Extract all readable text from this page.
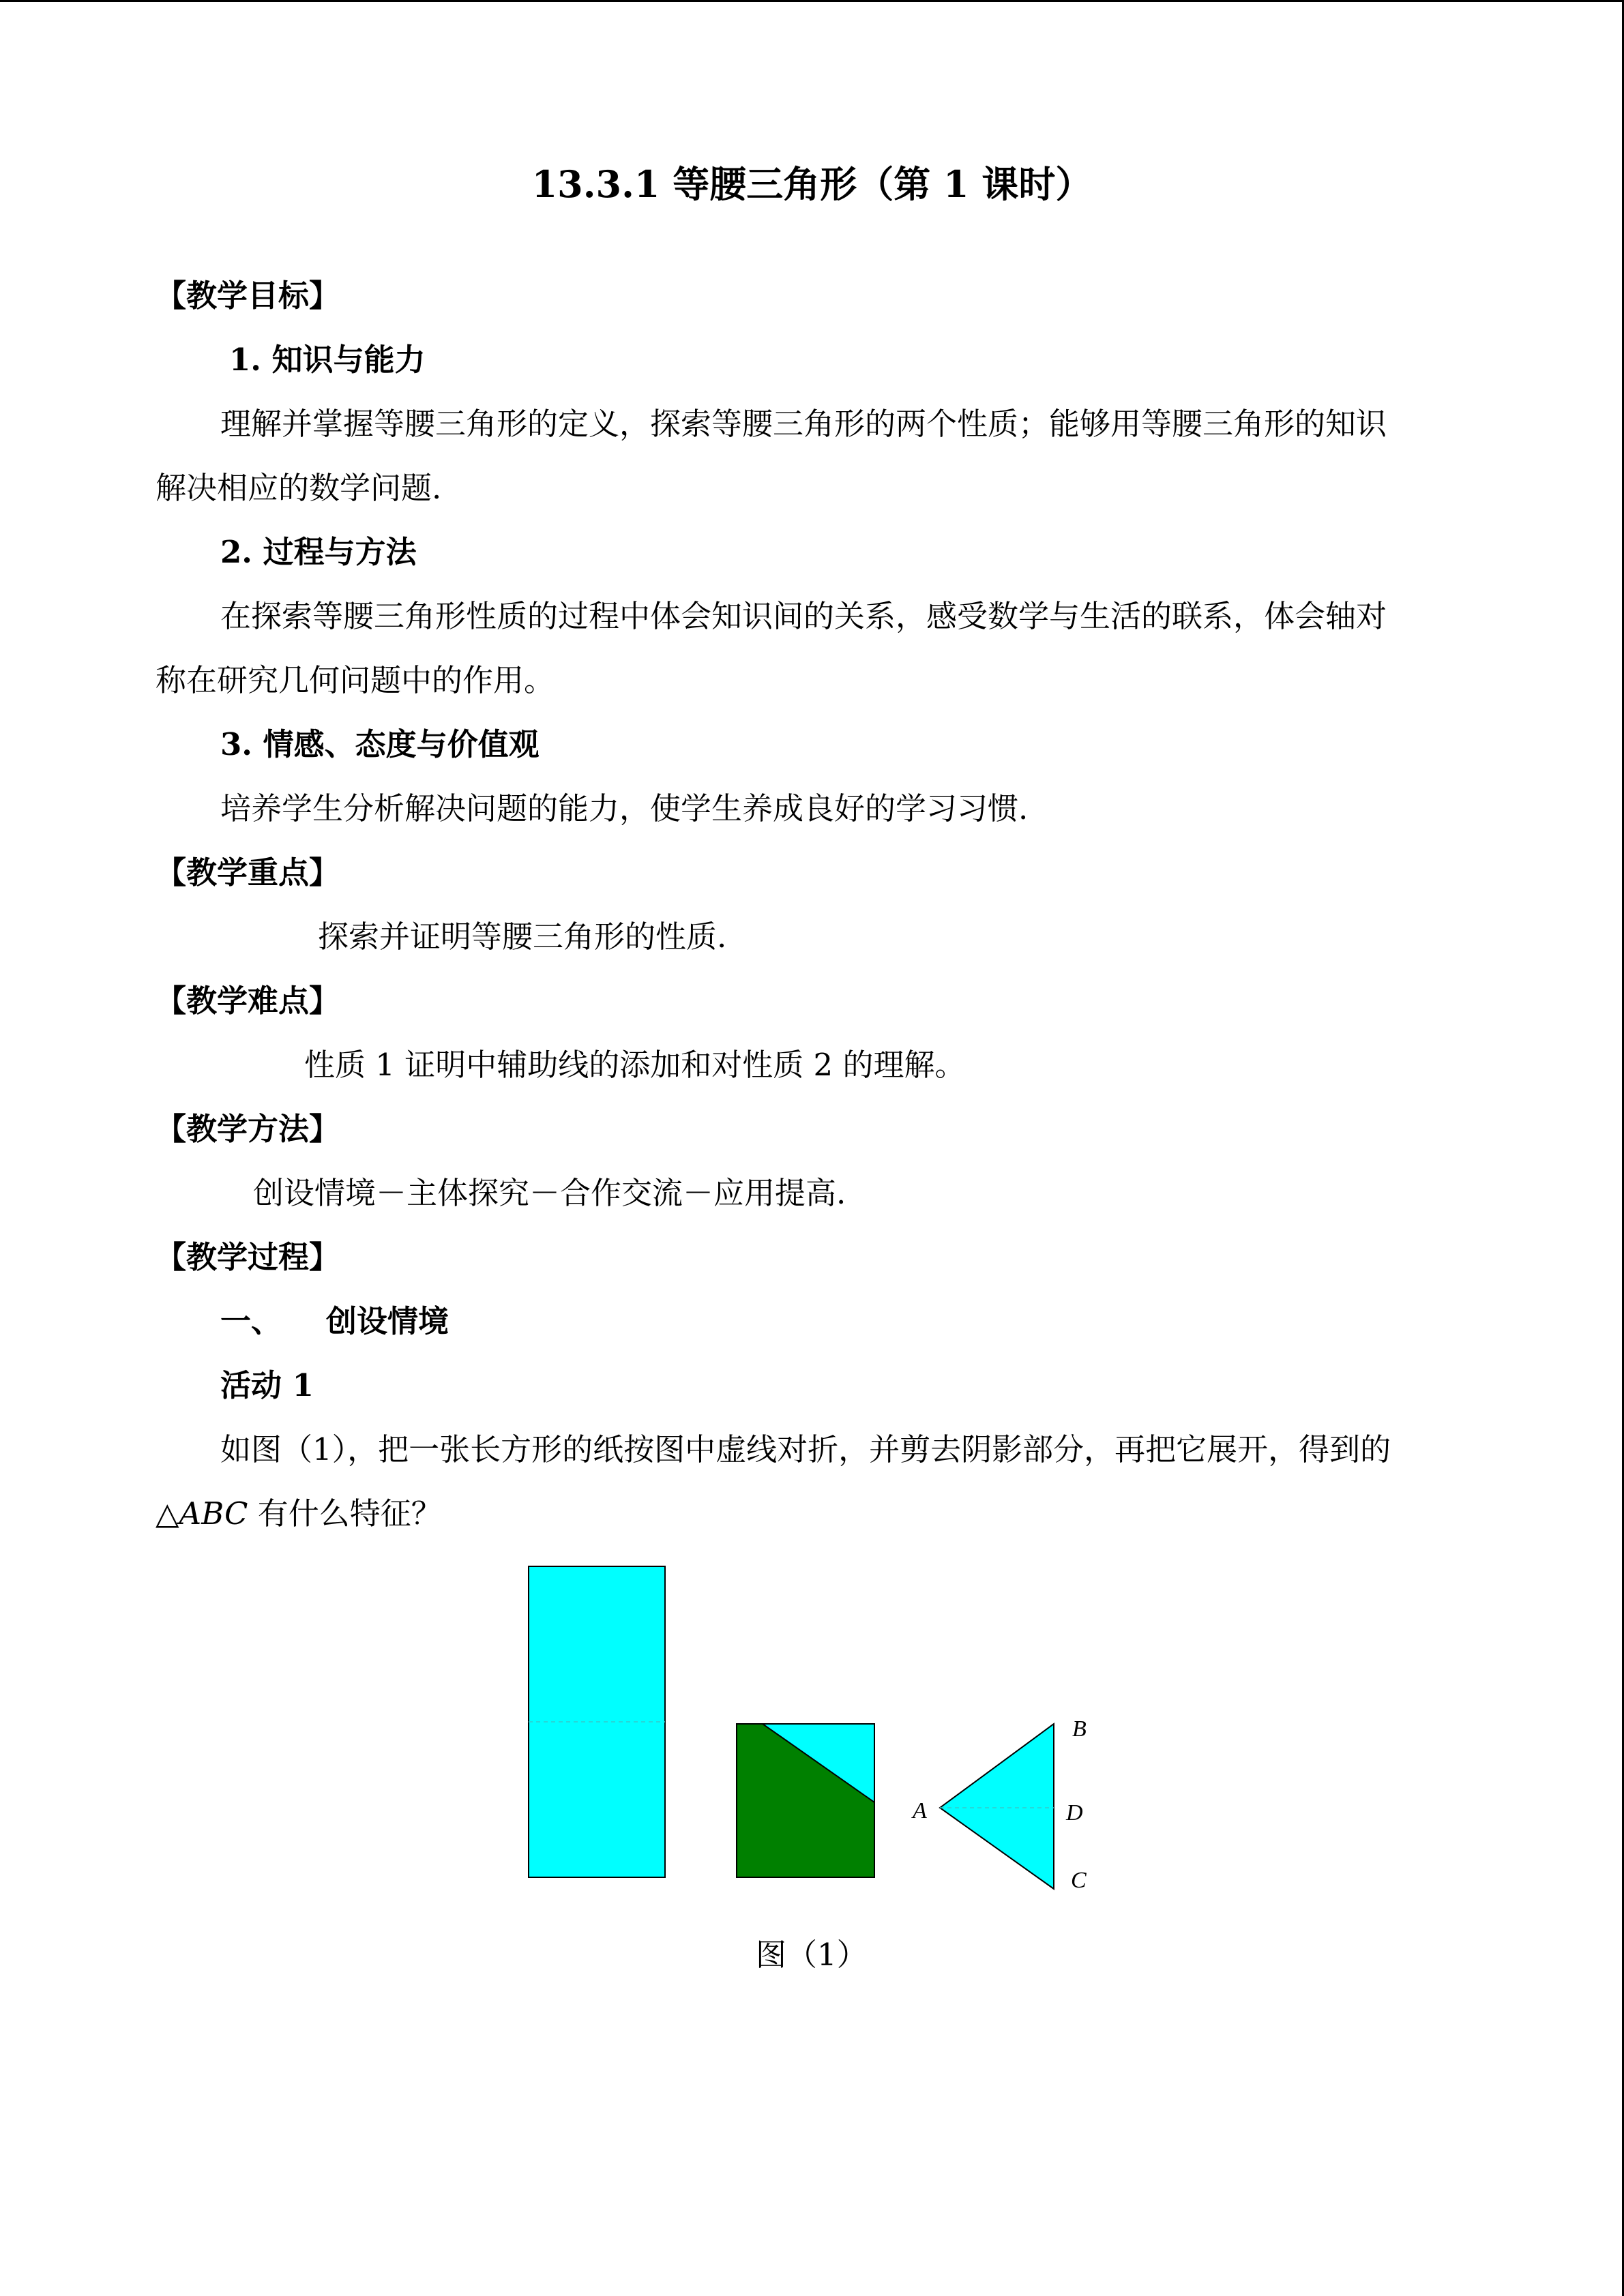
13.3.1 等腰三角形（第 1 课时）
【教学目标】
1. 知识与能力
理解并掌握等腰三角形的定义，探索等腰三角形的两个性质；能够用等腰三角形的知识
解决相应的数学问题.
2. 过程与方法
在探索等腰三角形性质的过程中体会知识间的关系，感受数学与生活的联系，体会轴对
称在研究几何问题中的作用。
3. 情感、态度与价值观
培养学生分析解决问题的能力，使学生养成良好的学习习惯.
【教学重点】
探索并证明等腰三角形的性质.
【教学难点】
性质 1 证明中辅助线的添加和对性质 2 的理解。
【教学方法】
创设情境－主体探究－合作交流－应用提高.
【教学过程】
一、 创设情境
活动 1
如图（1），把一张长方形的纸按图中虚线对折，并剪去阴影部分，再把它展开，得到的
△ABC 有什么特征？
B
A	D
C
图（1）
